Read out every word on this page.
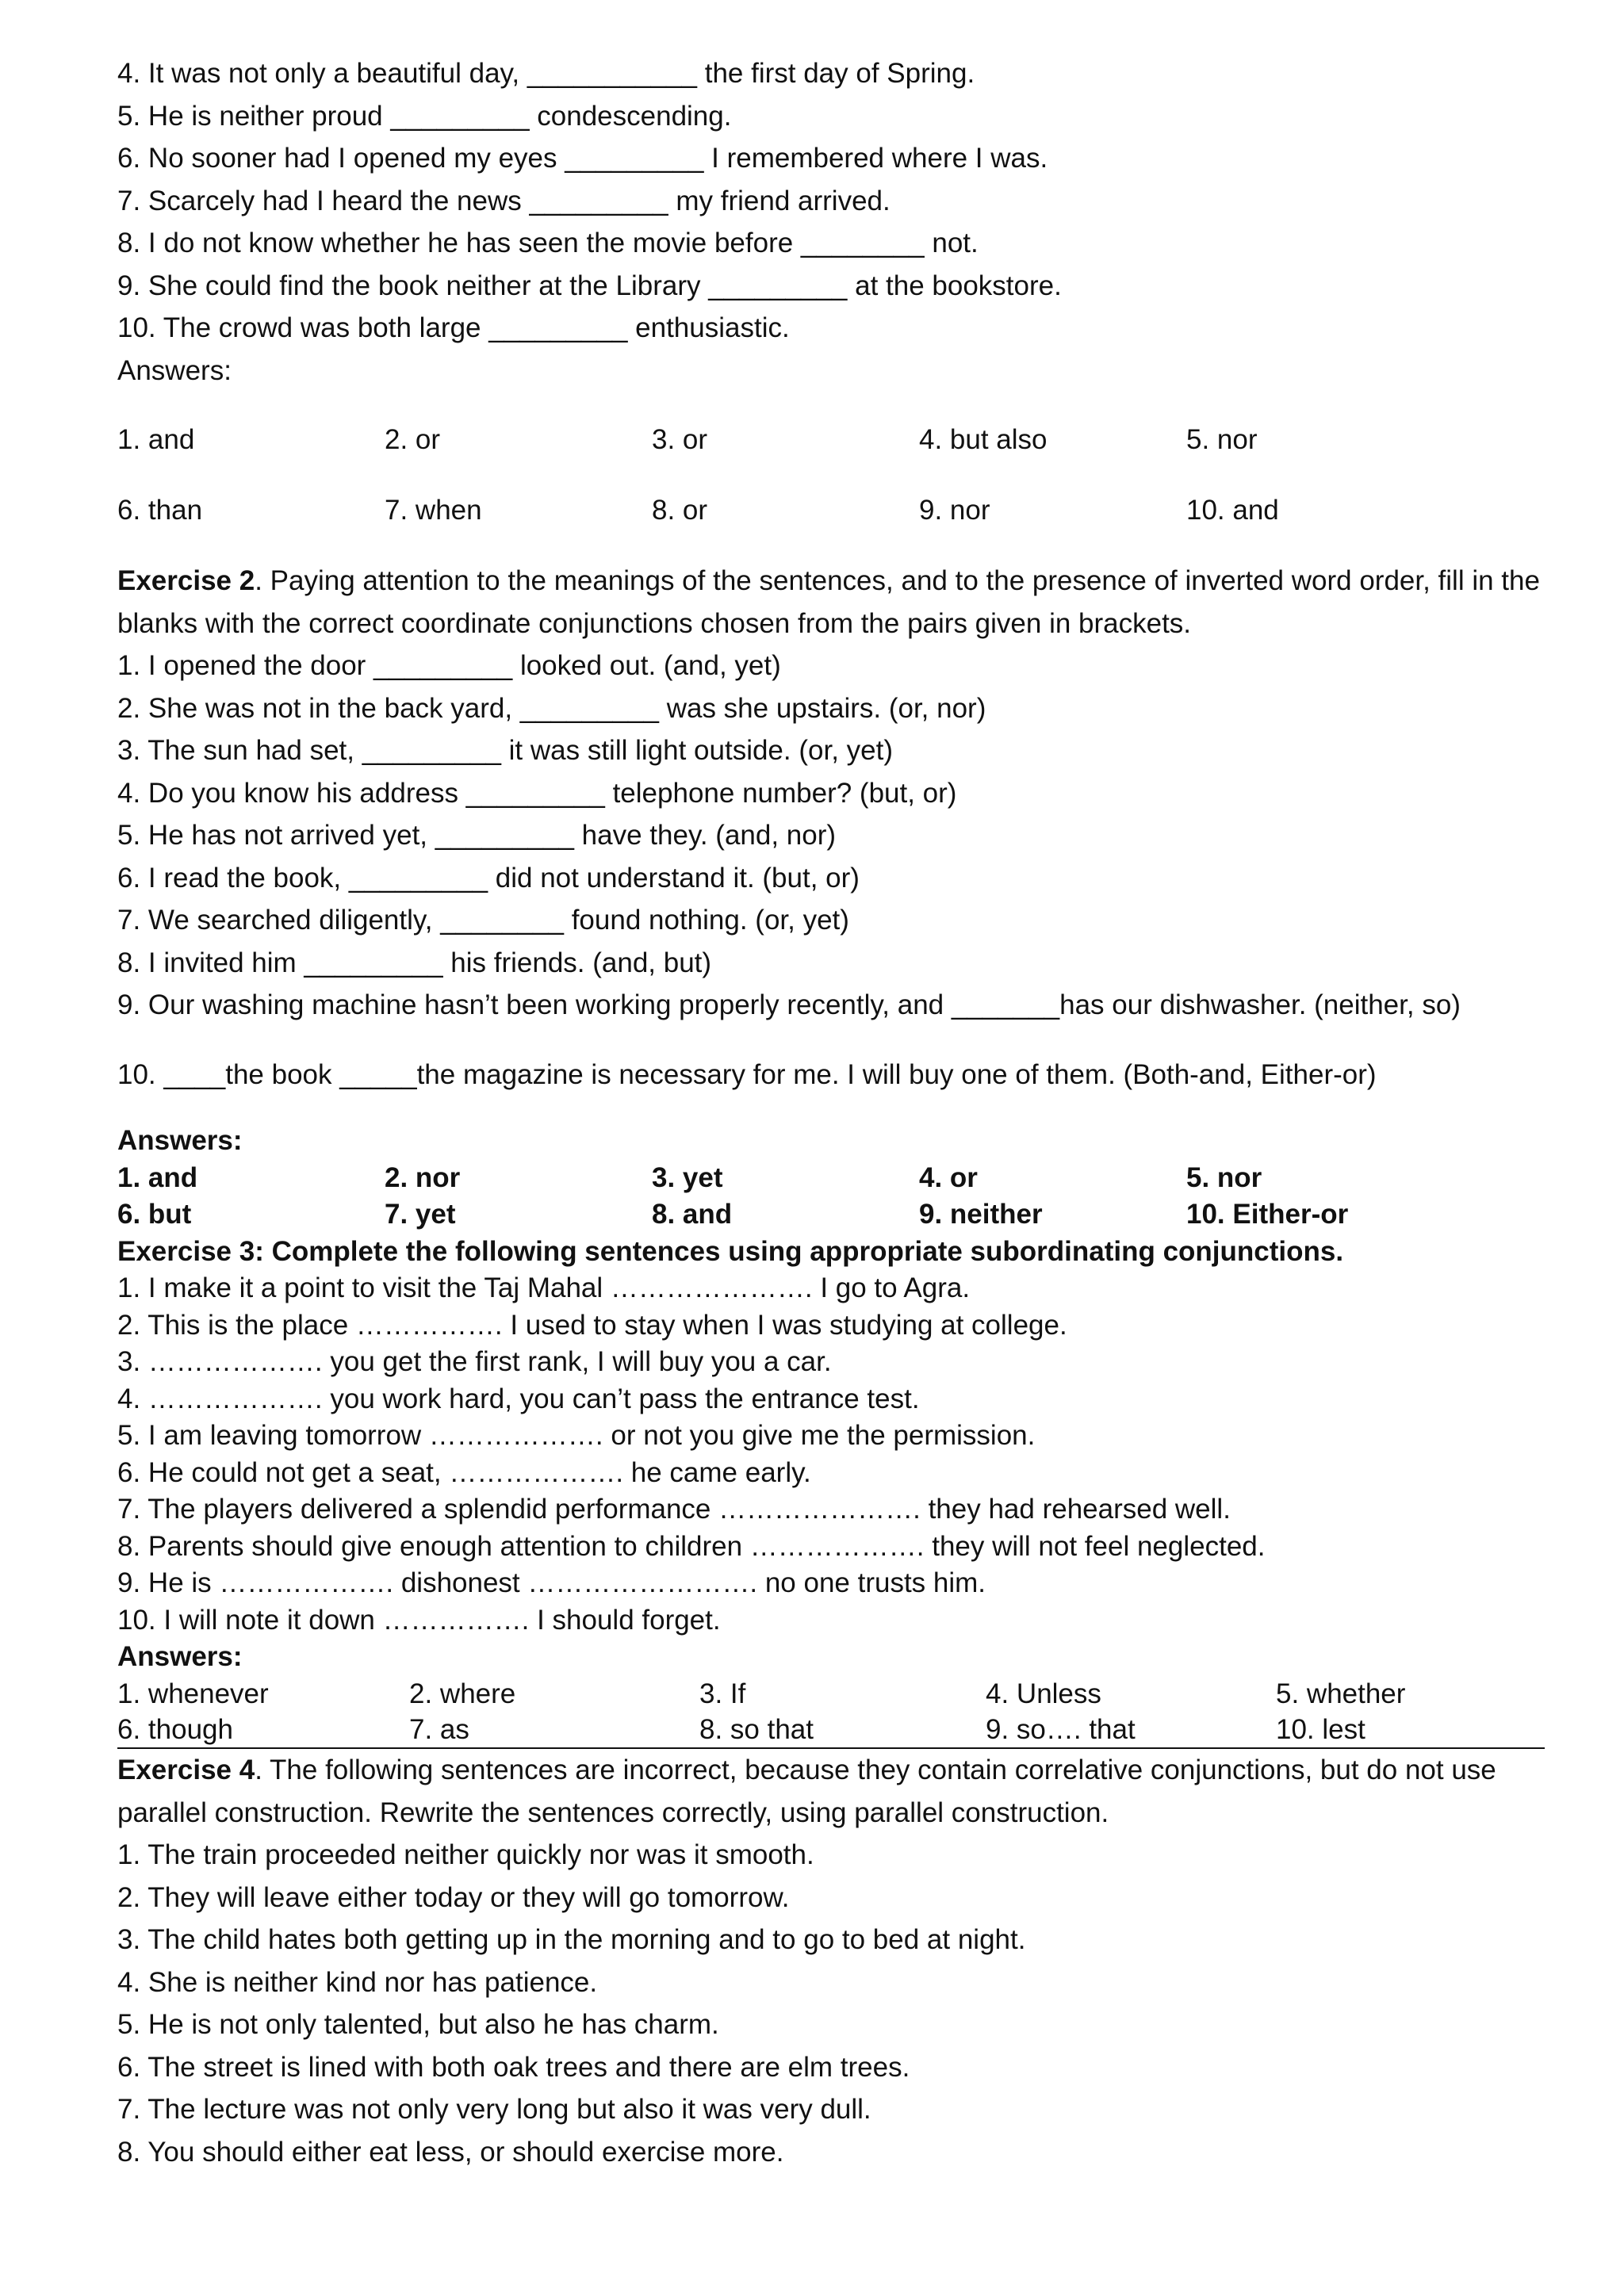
4. It was not only a beautiful day, ___________ the first day of Spring.
5. He is neither proud _________ condescending.
6. No sooner had I opened my eyes _________ I remembered where I was.
7. Scarcely had I heard the news _________ my friend arrived.
8. I do not know whether he has seen the movie before ________ not.
9. She could find the book neither at the Library _________ at the bookstore.
10. The crowd was both large _________ enthusiastic.
Answers:
1. and	2. or	3. or	4. but also	5. nor
6. than	7. when	8. or	9. nor	10. and
Exercise 2. Paying attention to the meanings of the sentences, and to the presence of inverted word order, fill in the blanks with the correct coordinate conjunctions chosen from the pairs given in brackets.
1. I opened the door _________ looked out. (and, yet)
2. She was not in the back yard, _________ was she upstairs. (or, nor)
3. The sun had set, _________ it was still light outside. (or, yet)
4. Do you know his address _________ telephone number? (but, or)
5. He has not arrived yet, _________ have they. (and, nor)
6. I read the book, _________ did not understand it. (but, or)
7. We searched diligently, ________ found nothing. (or, yet)
8. I invited him _________ his friends. (and, but)
9. Our washing machine hasn’t been working properly recently, and _______has our dishwasher. (neither, so)
10. ____the book _____the magazine is necessary for me. I will buy one of them. (Both-and, Either-or)
Answers:
1. and	2. nor	3. yet	4. or	5. nor
6. but	7. yet	8. and	9. neither	10. Either-or
Exercise 3: Complete the following sentences using appropriate subordinating conjunctions.
1. I make it a point to visit the Taj Mahal …………………. I go to Agra.
2. This is the place ……………. I used to stay when I was studying at college.
3. ………………. you get the first rank, I will buy you a car.
4. ………………. you work hard, you can’t pass the entrance test.
5. I am leaving tomorrow ………………. or not you give me the permission.
6. He could not get a seat, ………………. he came early.
7. The players delivered a splendid performance …………………. they had rehearsed well.
8. Parents should give enough attention to children ………………. they will not feel neglected.
9. He is ………………. dishonest ……………………. no one trusts him.
10. I will note it down ……………. I should forget.
Answers:
1. whenever	2. where	3. If	4. Unless	5. whether
6. though	7. as	8. so that	9. so…. that	10. lest
Exercise 4. The following sentences are incorrect, because they contain correlative conjunctions, but do not use parallel construction. Rewrite the sentences correctly, using parallel construction.
1. The train proceeded neither quickly nor was it smooth.
2. They will leave either today or they will go tomorrow.
3. The child hates both getting up in the morning and to go to bed at night.
4. She is neither kind nor has patience.
5. He is not only talented, but also he has charm.
6. The street is lined with both oak trees and there are elm trees.
7. The lecture was not only very long but also it was very dull.
8. You should either eat less, or should exercise more.
